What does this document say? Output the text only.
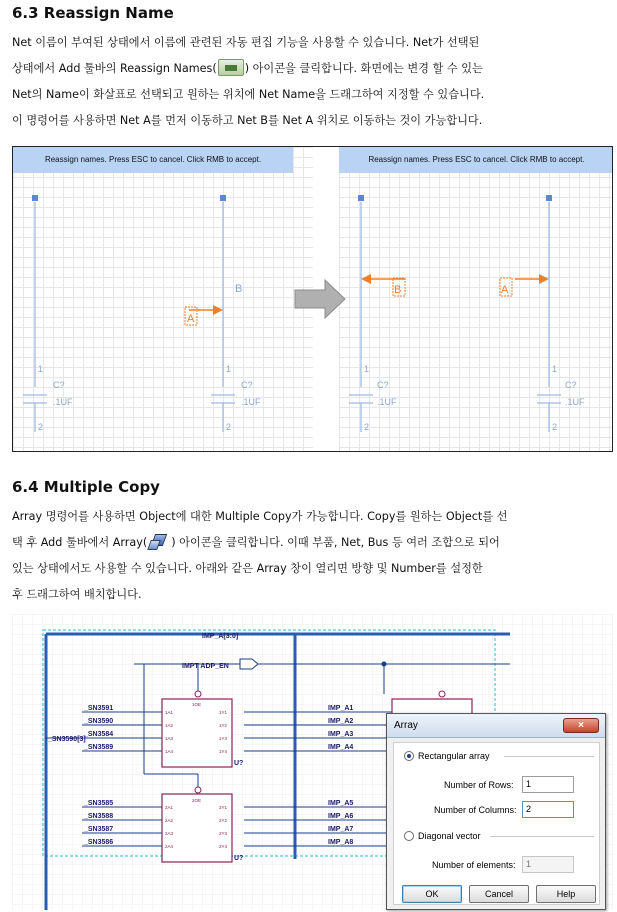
6.3 Reassign Name
Net 이름이 부여된 상태에서 이름에 관련된 자동 편집 기능을 사용할 수 있습니다. Net가 선택된
상태에서 Add 툴바의 Reassign Names(	) 아이콘을 클릭합니다. 화면에는 변경 할 수 있는
Net의 Name이 화살표로 선택되고 원하는 위치에 Net Name을 드래그하여 지정할 수 있습니다.
이 명령어를 사용하면 Net A를 먼저 이동하고 Net B를 Net A 위치로 이동하는 것이 가능합니다.
Reassign names. Press ESC to cancel. Click RMB to accept.	Reassign names. Press ESC to cancel. Click RMB to accept.
B
A
B	A
1
2
C?
.1UF
1
2
C?
.1UF
1
2
C?
.1UF
1
2
C?
.1UF
6.4 Multiple Copy
Array 명령어를 사용하면 Object에 대한 Multiple Copy가 가능합니다. Copy를 원하는 Object를 선
택 후 Add 툴바에서 Array( ) 아이콘을 클릭합니다. 이때 부품, Net, Bus 등 여러 조합으로 되어
있는 상태에서도 사용할 수 있습니다. 아래와 같은 Array 창이 열리면 방향 및 Number를 설정한
후 드래그하여 배치합니다.
IMP_A[3:0]
IMPT ADP_EN
_SN3590[3]
_SN3591
_SN3590
_SN3584
_SN3589
_SN3585
_SN3588
_SN3587
_SN3586
IMP_A1
IMP_A2
IMP_A3
IMP_A4
IMP_A5
IMP_A6
IMP_A7
IMP_A8
U?
U?
1OE
2OE
1A1
1A2
1A3
1A4
2A1
2A2
2A3
2A4
1Y1
1Y2
1Y3
1Y4
2Y1
2Y2
2Y3
2Y4
Array	×
Rectangular array
Number of Rows:	1
Number of Columns:	2
Diagonal vector
Number of elements:	1
OK	Cancel	Help
